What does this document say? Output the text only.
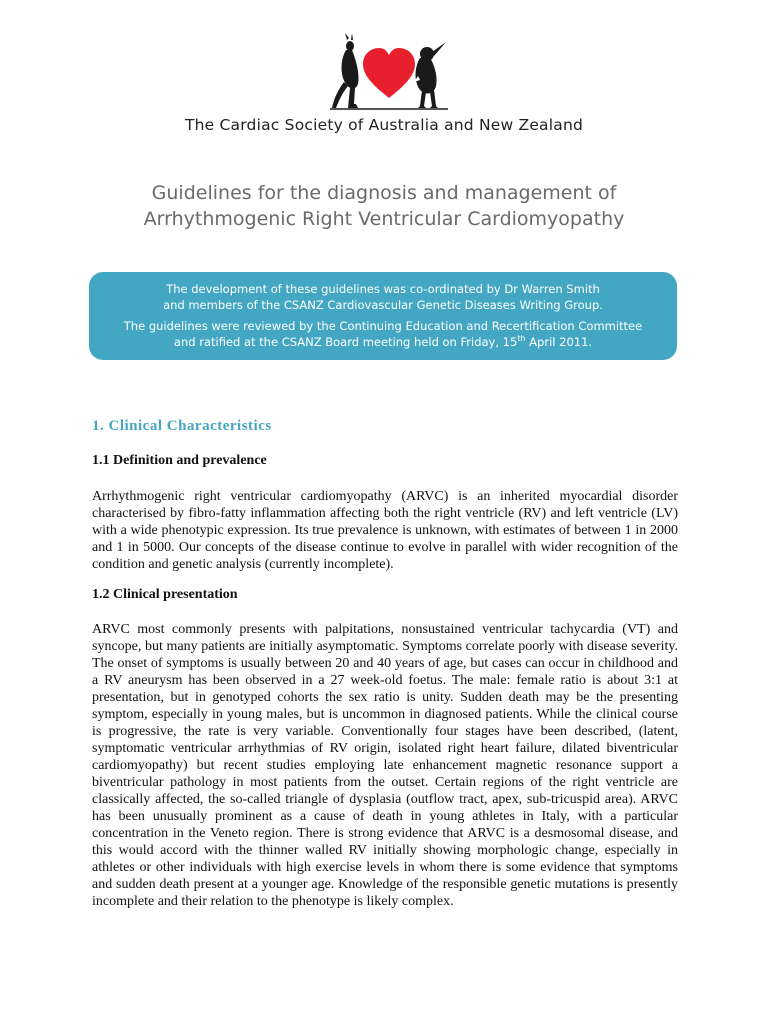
The Cardiac Society of Australia and New Zealand
Guidelines for the diagnosis and management of
Arrhythmogenic Right Ventricular Cardiomyopathy

The development of these guidelines was co-ordinated by Dr Warren Smith
and members of the CSANZ Cardiovascular Genetic Diseases Writing Group.

The guidelines were reviewed by the Continuing Education and Recertification Committee
and ratified at the CSANZ Board meeting held on Friday, 15th April 2011.

1. Clinical Characteristics
1.1 Definition and prevalence

Arrhythmogenic right ventricular cardiomyopathy (ARVC) is an inherited myocardial disorder characterised by fibro-fatty inflammation affecting both the right ventricle (RV) and left ventricle (LV) with a wide phenotypic expression. Its true prevalence is unknown, with estimates of between 1 in 2000 and 1 in 5000. Our concepts of the disease continue to evolve in parallel with wider recognition of the condition and genetic analysis (currently incomplete).

1.2 Clinical presentation

ARVC most commonly presents with palpitations, nonsustained ventricular tachycardia (VT) and syncope, but many patients are initially asymptomatic. Symptoms correlate poorly with disease severity. The onset of symptoms is usually between 20 and 40 years of age, but cases can occur in childhood and a RV aneurysm has been observed in a 27 week-old foetus. The male: female ratio is about 3:1 at presentation, but in genotyped cohorts the sex ratio is unity. Sudden death may be the presenting symptom, especially in young males, but is uncommon in diagnosed patients. While the clinical course is progressive, the rate is very variable. Conventionally four stages have been described, (latent, symptomatic ventricular arrhythmias of RV origin, isolated right heart failure, dilated biventricular cardiomyopathy) but recent studies employing late enhancement magnetic resonance support a biventricular pathology in most patients from the outset. Certain regions of the right ventricle are classically affected, the so-called triangle of dysplasia (outflow tract, apex, sub-tricuspid area). ARVC has been unusually prominent as a cause of death in young athletes in Italy, with a particular concentration in the Veneto region. There is strong evidence that ARVC is a desmosomal disease, and this would accord with the thinner walled RV initially showing morphologic change, especially in athletes or other individuals with high exercise levels in whom there is some evidence that symptoms and sudden death present at a younger age. Knowledge of the responsible genetic mutations is presently incomplete and their relation to the phenotype is likely complex.
